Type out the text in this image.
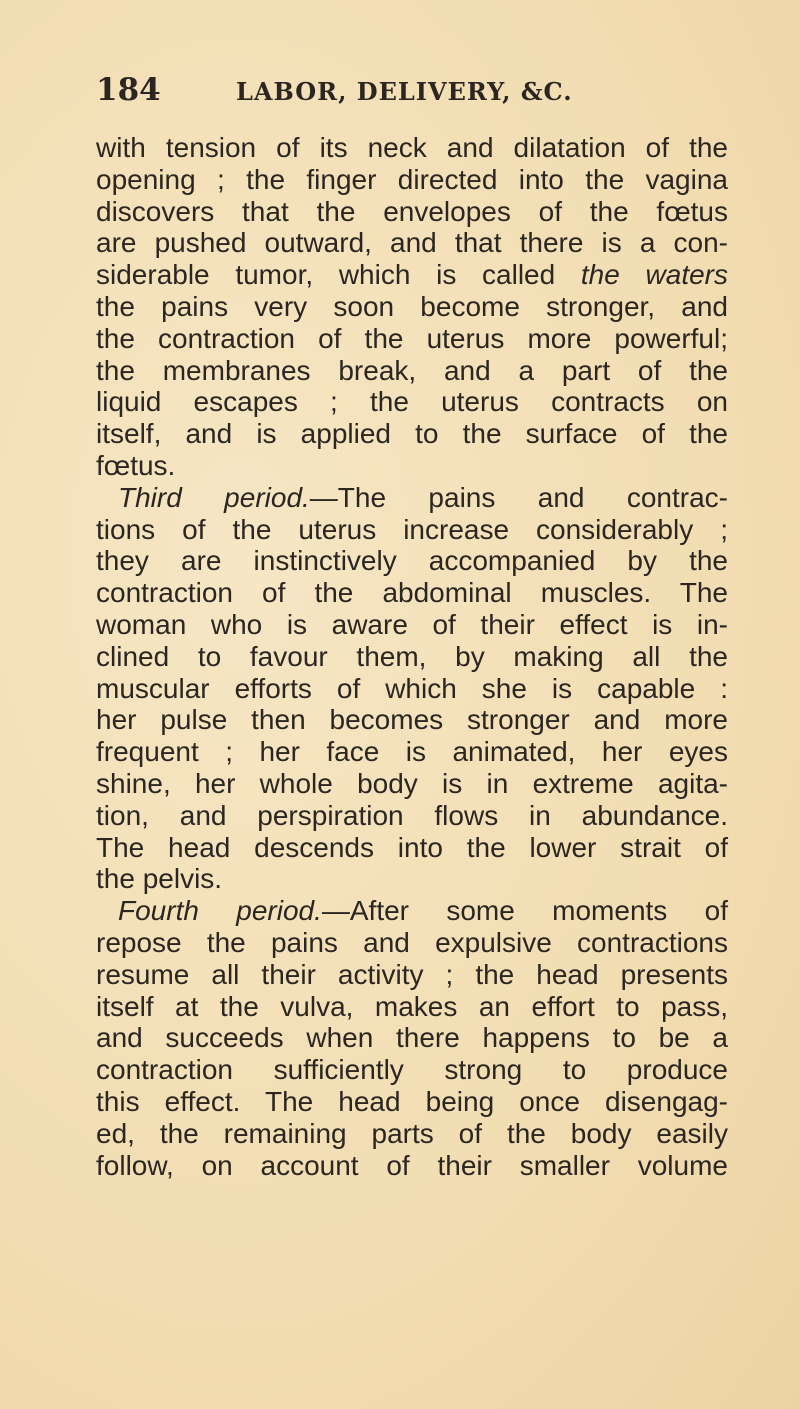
184	LABOR, DELIVERY, &C.
with tension of its neck and dilatation of the
opening ; the finger directed into the vagina
discovers that the envelopes of the fœtus
are pushed outward, and that there is a con-
siderable tumor, which is called the waters
the pains very soon become stronger, and
the contraction of the uterus more powerful;
the membranes break, and a part of the
liquid escapes ; the uterus contracts on
itself, and is applied to the surface of the
fœtus.
Third period.—The pains and contrac-
tions of the uterus increase considerably ;
they are instinctively accompanied by the
contraction of the abdominal muscles. The
woman who is aware of their effect is in-
clined to favour them, by making all the
muscular efforts of which she is capable :
her pulse then becomes stronger and more
frequent ; her face is animated, her eyes
shine, her whole body is in extreme agita-
tion, and perspiration flows in abundance.
The head descends into the lower strait of
the pelvis.
Fourth period.—After some moments of
repose the pains and expulsive contractions
resume all their activity ; the head presents
itself at the vulva, makes an effort to pass,
and succeeds when there happens to be a
contraction sufficiently strong to produce
this effect. The head being once disengag-
ed, the remaining parts of the body easily
follow, on account of their smaller volume
